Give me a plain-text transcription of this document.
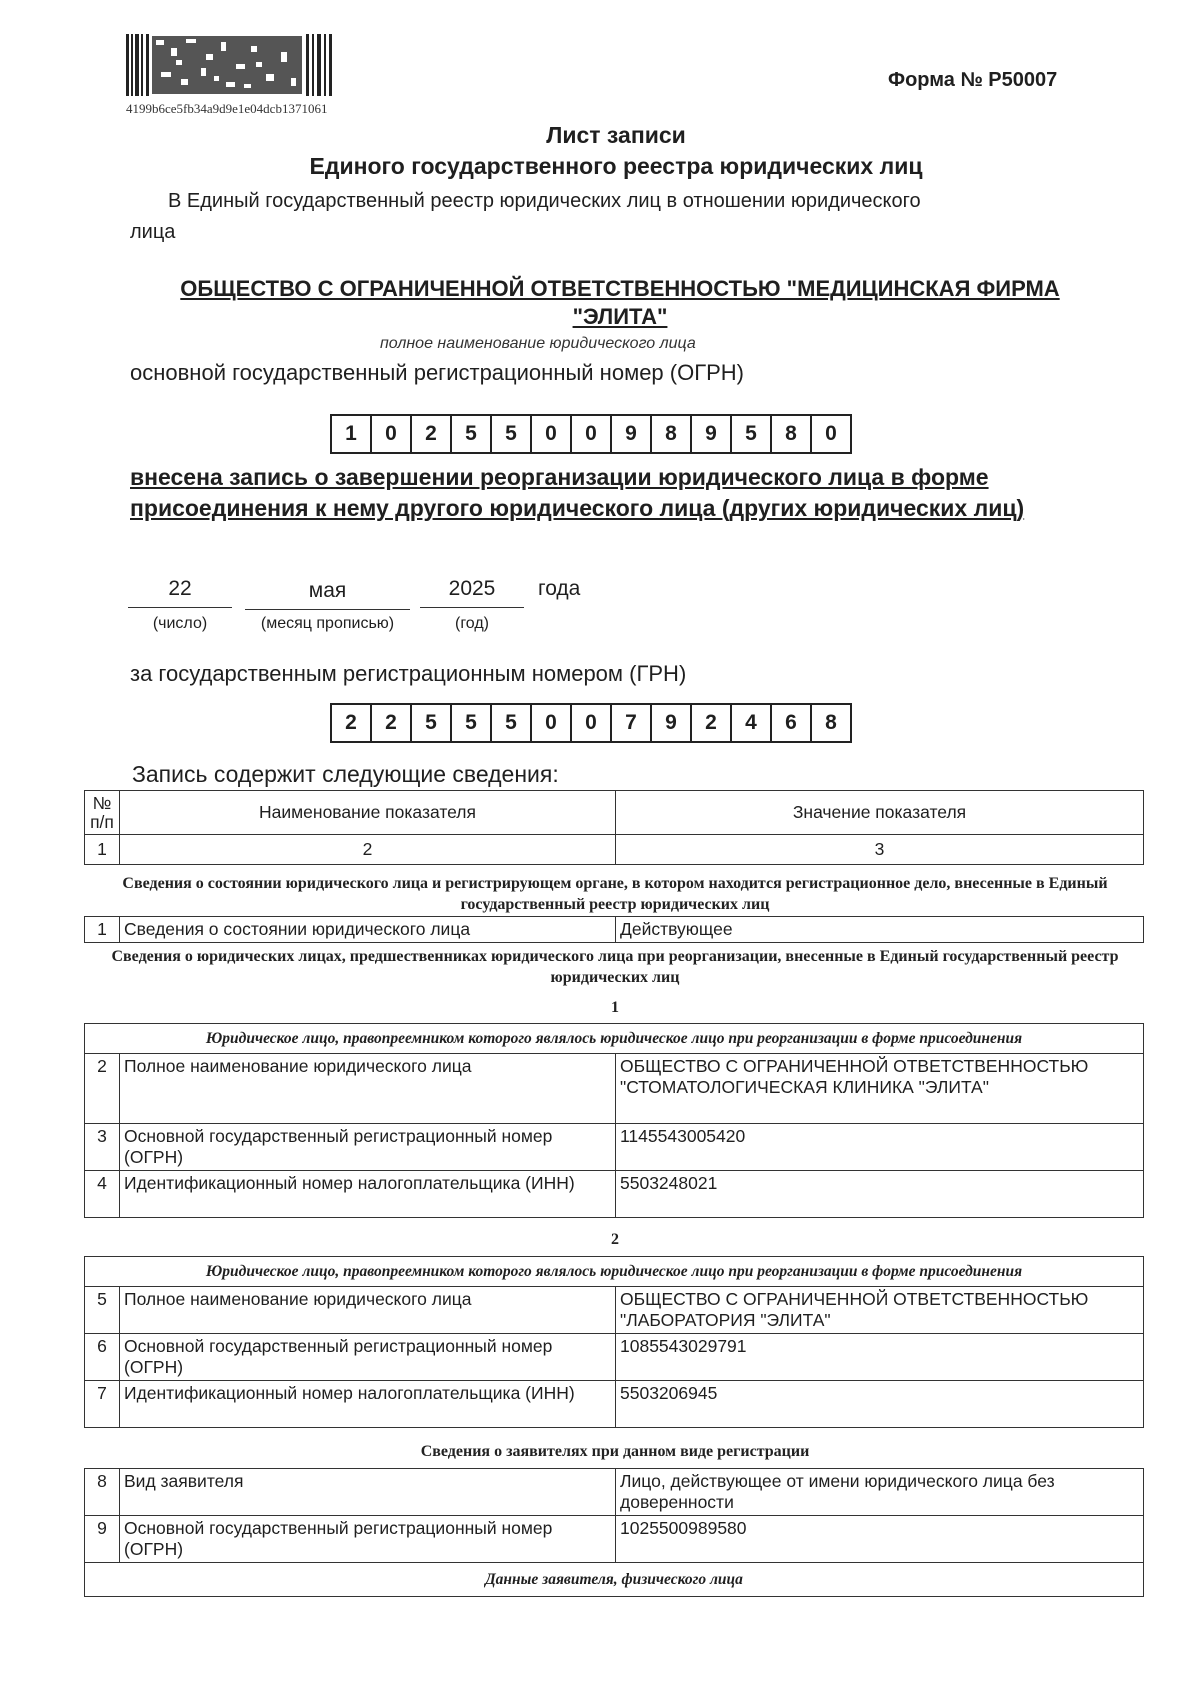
4199b6ce5fb34a9d9e1e04dcb1371061
Форма № Р50007
Лист записи
Единого государственного реестра юридических лиц
В Единый государственный реестр юридических лиц в отношении юридического
лица
ОБЩЕСТВО С ОГРАНИЧЕННОЙ ОТВЕТСТВЕННОСТЬЮ "МЕДИЦИНСКАЯ ФИРМА "ЭЛИТА"
полное наименование юридического лица
основной государственный регистрационный номер (ОГРН)
1	0	2	5	5	0	0	9	8	9	5	8	0
внесена запись о завершении реорганизации юридического лица в форме присоединения к нему другого юридического лица (других юридических лиц)
22	мая	2025	года
(число)	(месяц прописью)	(год)
за государственным регистрационным номером (ГРН)
2	2	5	5	5	0	0	7	9	2	4	6	8
Запись содержит следующие сведения:
№ п/п	Наименование показателя	Значение показателя
1	2	3
Сведения о состоянии юридического лица и регистрирующем органе, в котором находится регистрационное дело, внесенные в Единый государственный реестр юридических лиц
1	Сведения о состоянии юридического лица	Действующее
Сведения о юридических лицах, предшественниках юридического лица при реорганизации, внесенные в Единый государственный реестр юридических лиц
1
Юридическое лицо, правопреемником которого являлось юридическое лицо при реорганизации в форме присоединения		
2	Полное наименование юридического лица	ОБЩЕСТВО С ОГРАНИЧЕННОЙ ОТВЕТСТВЕННОСТЬЮ "СТОМАТОЛОГИЧЕСКАЯ КЛИНИКА "ЭЛИТА"
3	Основной государственный регистрационный номер (ОГРН)	1145543005420
4	Идентификационный номер налогоплательщика (ИНН)	5503248021
2
Юридическое лицо, правопреемником которого являлось юридическое лицо при реорганизации в форме присоединения		
5	Полное наименование юридического лица	ОБЩЕСТВО С ОГРАНИЧЕННОЙ ОТВЕТСТВЕННОСТЬЮ "ЛАБОРАТОРИЯ "ЭЛИТА"
6	Основной государственный регистрационный номер (ОГРН)	1085543029791
7	Идентификационный номер налогоплательщика (ИНН)	5503206945
Сведения о заявителях при данном виде регистрации
8	Вид заявителя	Лицо, действующее от имени юридического лица без доверенности
9	Основной государственный регистрационный номер (ОГРН)	1025500989580
Данные заявителя, физического лица		
